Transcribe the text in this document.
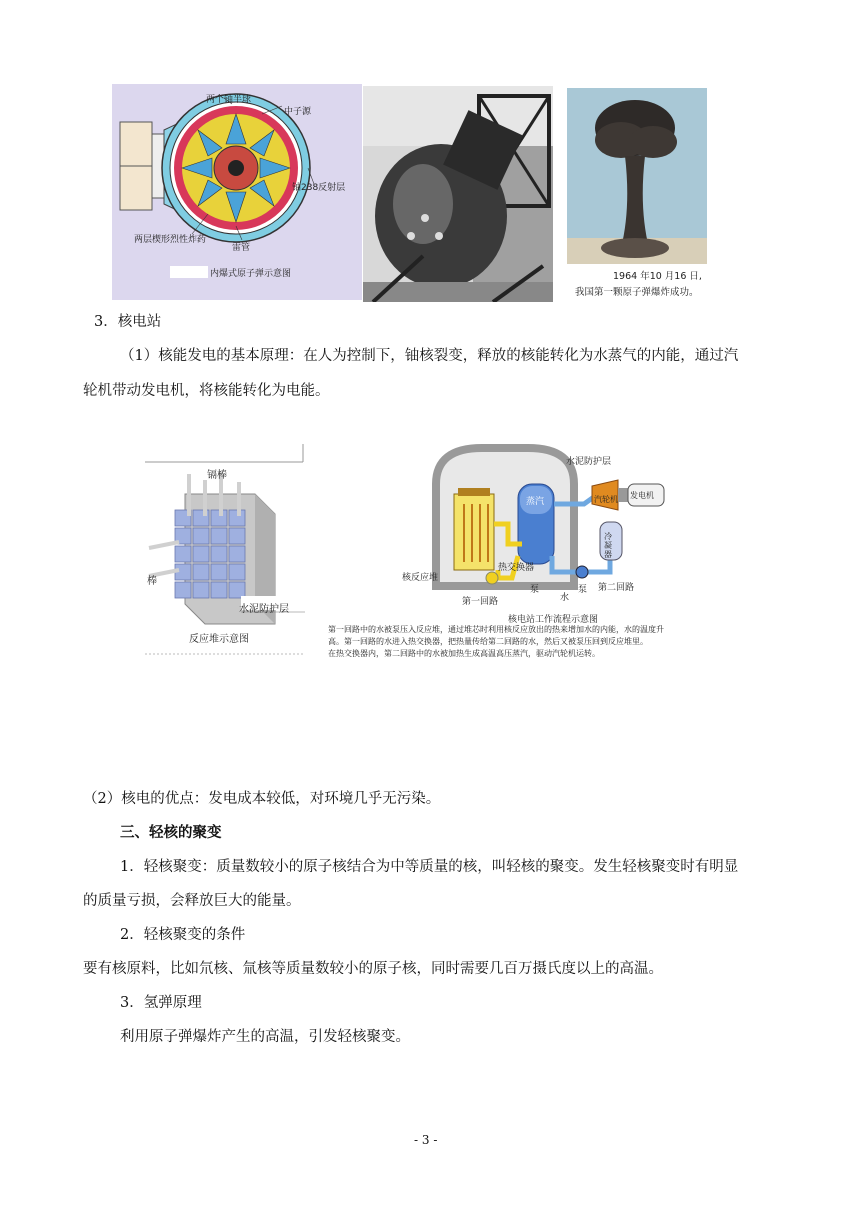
两个铀半球
中子源
铀238反射层
两层楔形烈性炸药
雷管
内爆式原子弹示意图	1964 年10 月16 日,
我国第一颗原子弹爆炸成功。
3．核电站
（1）核能发电的基本原理：在人为控制下，铀核裂变，释放的核能转化为水蒸气的内能，通过汽
轮机带动发电机，将核能转化为电能。
镉棒
棒
水泥防护层
反应堆示意图
水泥防护层
蒸汽	汽轮机 发电机
冷凝器
核反应堆
热交换器
泵	泵
水
第一回路
第二回路
核电站工作流程示意图
第一回路中的水被泵压入反应堆，通过堆芯时利用核反应放出的热来增加水的内能，水的温度升
高。第一回路的水进入热交换器，把热量传给第二回路的水，然后又被泵压回到反应堆里。
在热交换器内，第二回路中的水被加热生成高温高压蒸汽，驱动汽轮机运转。
（2）核电的优点：发电成本较低，对环境几乎无污染。
三、轻核的聚变
1．轻核聚变：质量数较小的原子核结合为中等质量的核，叫轻核的聚变。发生轻核聚变时有明显
的质量亏损，会释放巨大的能量。
2．轻核聚变的条件
要有核原料，比如氘核、氚核等质量数较小的原子核，同时需要几百万摄氏度以上的高温。
3．氢弹原理
利用原子弹爆炸产生的高温，引发轻核聚变。
- 3 -
